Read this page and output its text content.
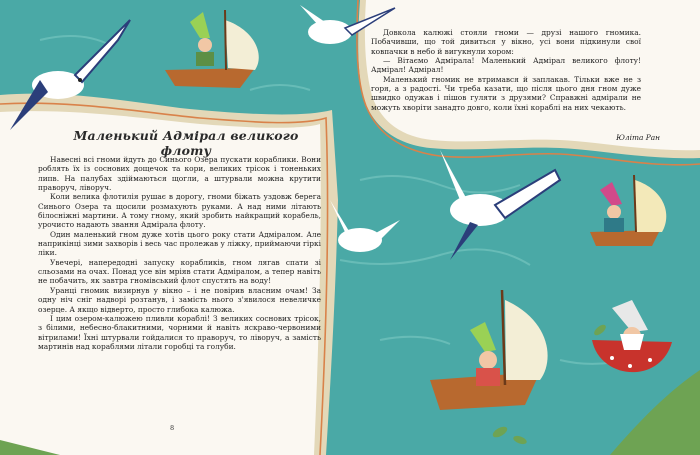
Маленький Адмірал великого флоту

Навесні всі гноми йдуть до Синього Озера пускати кораблики. Вони роблять їх із соснових дощечок та кори, великих трісок і тоненьких липв. На палубах здіймаються щогли, а штурвали можна крутити праворуч, ліворуч.

Коли велика флотилія рушає в дорогу, гноми біжать уздовж берега Синього Озера та щосили розмахують руками. А над ними літають білосніжні мартини. А тому гному, який зробить найкращий корабель, урочисто надають звання Адмірала флоту.

Один маленький гном дуже хотів цього року стати Адміралом. Але наприкінці зими захворів і весь час пролежав у ліжку, приймаючи гіркі ліки.

Увечері, напередодні запуску корабликів, гном лягав спати зі сльозами на очах. Понад усе він мріяв стати Адміралом, а тепер навіть не побачить, як завтра гномівський флот спустять на воду!

Уранці гномик визирнув у вікно – і не повірив власним очам! За одну ніч сніг надворі розтанув, і замість нього з'явилося невеличке озерце. А якщо відверто, просто глибока калюжа.

І цим озером-калюжею пливли кораблі! З великих соснових трісок, з білими, небесно-блакитними, чорними й навіть яскраво-червоними вітрилами! Їхні штурвали гойдалися то праворуч, то ліворуч, а замість мартинів над кораблями літали горобці та голуби.

8

Довкола калюжі стояли гноми — друзі нашого гномика. Побачивши, що той дивиться у вікно, усі вони підкинули свої ковпачки в небо й вигукнули хором:

— Вітаємо Адмірала! Маленький Адмірал великого флоту! Адмірал! Адмірал!

Маленький гномик не втримався й заплакав. Тільки вже не з горя, а з радості. Чи треба казати, що після цього дня гном дуже швидко одужав і пішов гуляти з друзями? Справжні адмірали не можуть хворіти занадто довго, коли їхні кораблі на них чекають.

Юліта Ран
